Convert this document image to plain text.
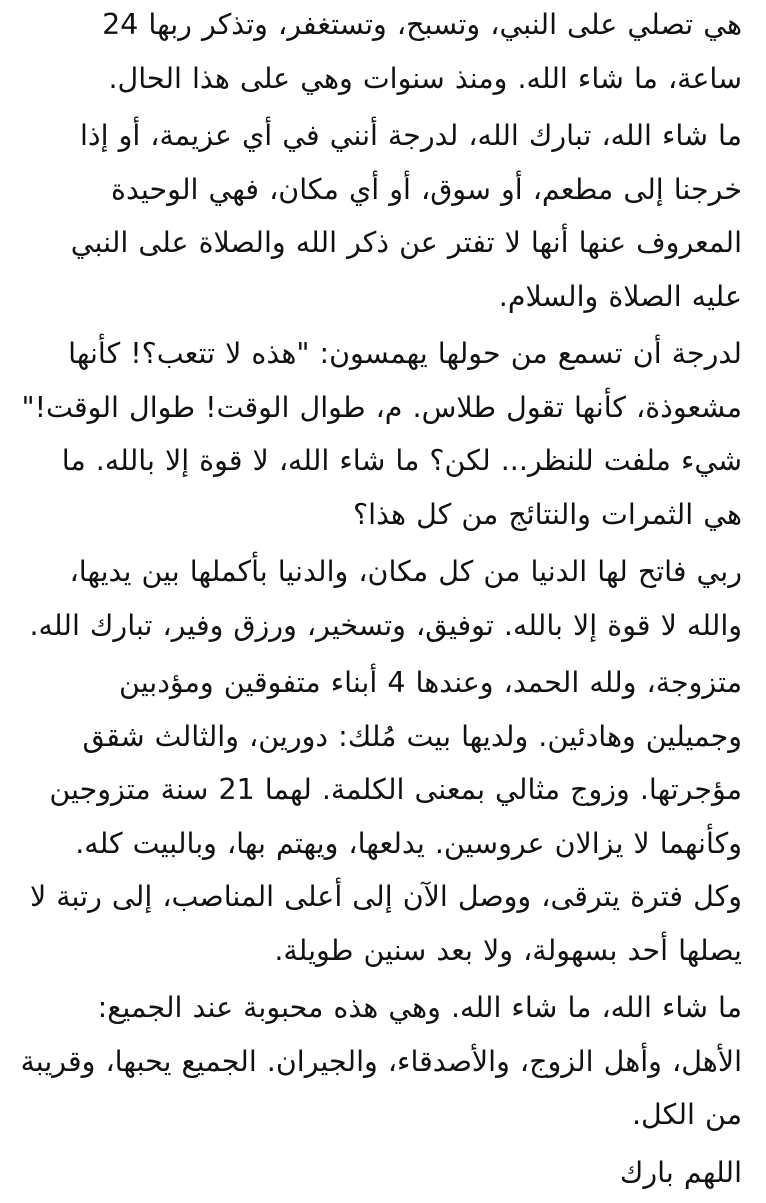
هي تصلي على النبي، وتسبح، وتستغفر، وتذكر ربها 24 ساعة، ما شاء الله. ومنذ سنوات وهي على هذا الحال.

ما شاء الله، تبارك الله، لدرجة أنني في أي عزيمة، أو إذا خرجنا إلى مطعم، أو سوق، أو أي مكان، فهي الوحيدة المعروف عنها أنها لا تفتر عن ذكر الله والصلاة على النبي عليه الصلاة والسلام.

لدرجة أن تسمع من حولها يهمسون: "هذه لا تتعب؟! كأنها مشعوذة، كأنها تقول طلاس. م، طوال الوقت! طوال الوقت!" شيء ملفت للنظر... لكن؟ ما شاء الله، لا قوة إلا بالله. ما هي الثمرات والنتائج من كل هذا؟

ربي فاتح لها الدنيا من كل مكان، والدنيا بأكملها بين يديها، والله لا قوة إلا بالله. توفيق، وتسخير، ورزق وفير، تبارك الله.

متزوجة، ولله الحمد، وعندها 4 أبناء متفوقين ومؤدبين وجميلين وهادئين. ولديها بيت مُلك: دورين، والثالث شقق مؤجرتها. وزوج مثالي بمعنى الكلمة. لهما 21 سنة متزوجين وكأنهما لا يزالان عروسين. يدلعها، ويهتم بها، وبالبيت كله. وكل فترة يترقى، ووصل الآن إلى أعلى المناصب، إلى رتبة لا يصلها أحد بسهولة، ولا بعد سنين طويلة.

ما شاء الله، ما شاء الله. وهي هذه محبوبة عند الجميع: الأهل، وأهل الزوج، والأصدقاء، والجيران. الجميع يحبها، وقريبة من الكل.

اللهم بارك
